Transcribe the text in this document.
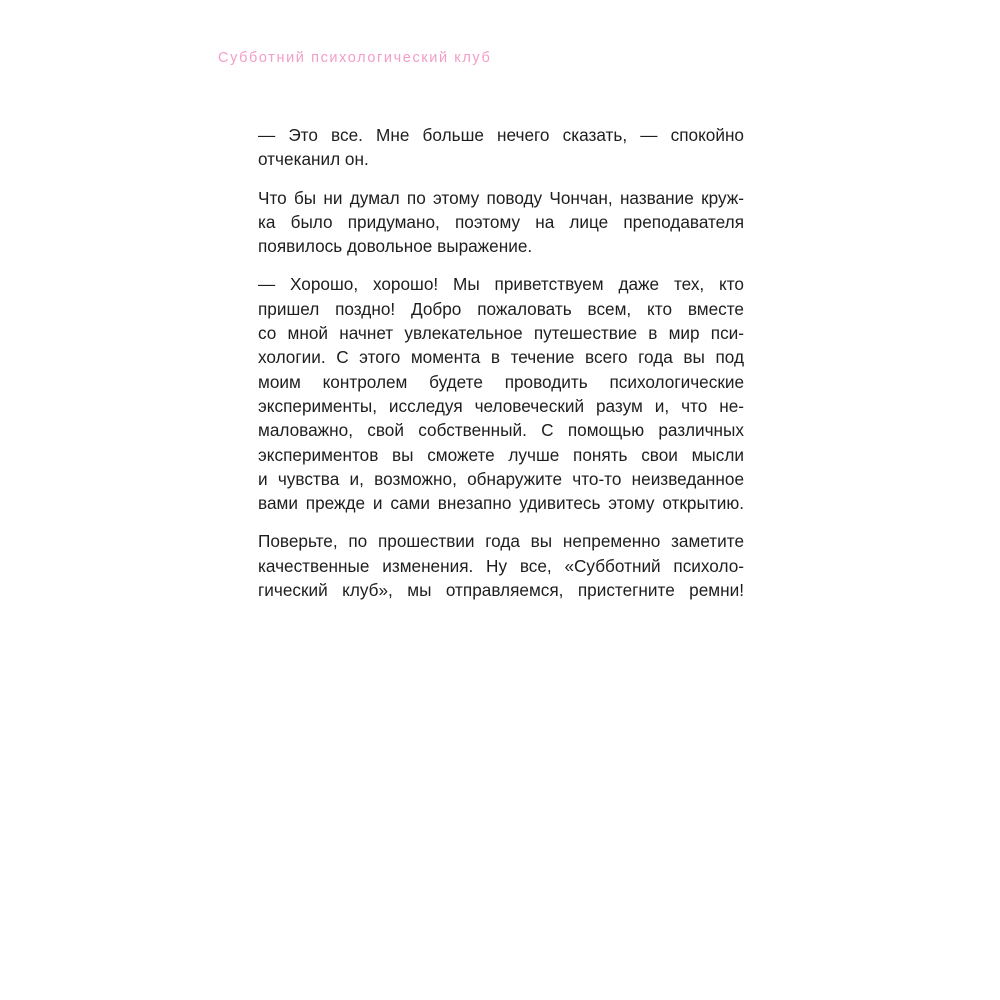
Субботний психологический клуб
— Это все. Мне больше нечего сказать, — спокойно
отчеканил он.
Что бы ни думал по этому поводу Чончан, название круж-
ка было придумано, поэтому на лице преподавателя
появилось довольное выражение.
— Хорошо, хорошо! Мы приветствуем даже тех, кто
пришел поздно! Добро пожаловать всем, кто вместе
со мной начнет увлекательное путешествие в мир пси-
хологии. С этого момента в течение всего года вы под
моим контролем будете проводить психологические
эксперименты, исследуя человеческий разум и, что не-
маловажно, свой собственный. С помощью различных
экспериментов вы сможете лучше понять свои мысли
и чувства и, возможно, обнаружите что-то неизведанное
вами прежде и сами внезапно удивитесь этому открытию.
Поверьте, по прошествии года вы непременно заметите
качественные изменения. Ну все, «Субботний психоло-
гический клуб», мы отправляемся, пристегните ремни!
